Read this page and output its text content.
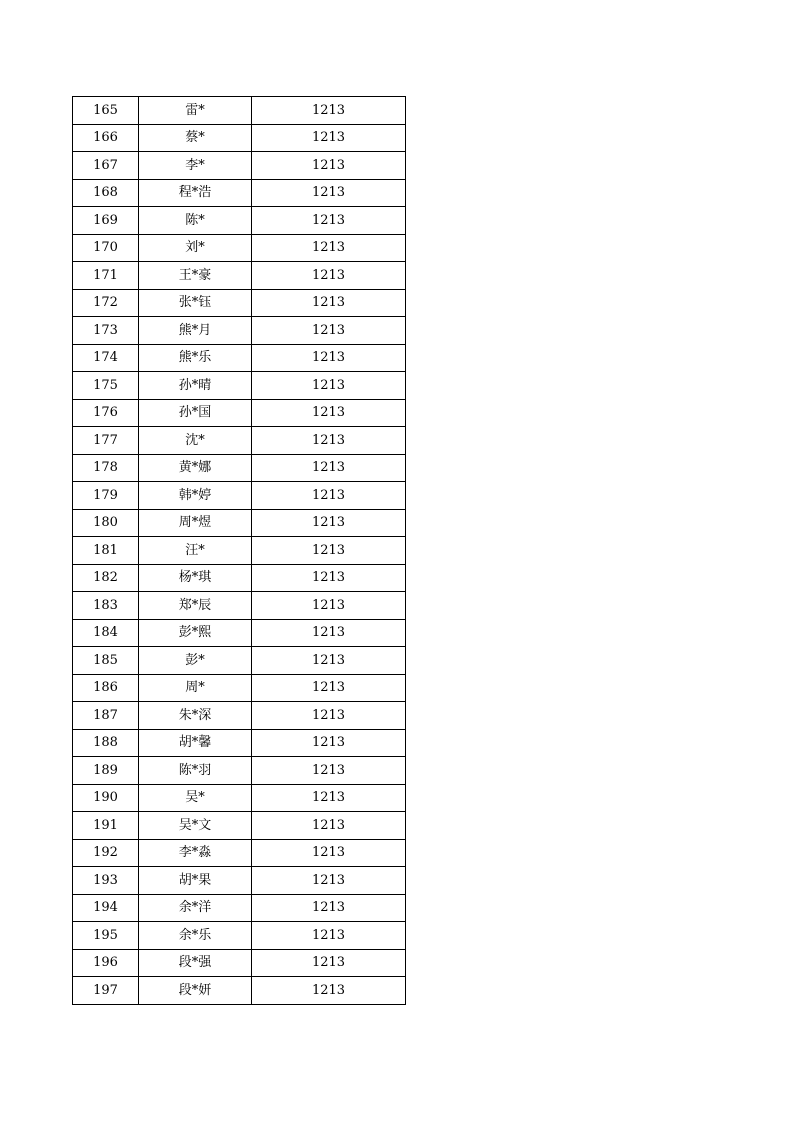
165	雷*	1213
166	蔡*	1213
167	李*	1213
168	程*浩	1213
169	陈*	1213
170	刘*	1213
171	王*豪	1213
172	张*钰	1213
173	熊*月	1213
174	熊*乐	1213
175	孙*晴	1213
176	孙*国	1213
177	沈*	1213
178	黄*娜	1213
179	韩*婷	1213
180	周*煜	1213
181	汪*	1213
182	杨*琪	1213
183	郑*辰	1213
184	彭*熙	1213
185	彭*	1213
186	周*	1213
187	朱*深	1213
188	胡*馨	1213
189	陈*羽	1213
190	吴*	1213
191	吴*文	1213
192	李*淼	1213
193	胡*果	1213
194	余*洋	1213
195	余*乐	1213
196	段*强	1213
197	段*妍	1213
